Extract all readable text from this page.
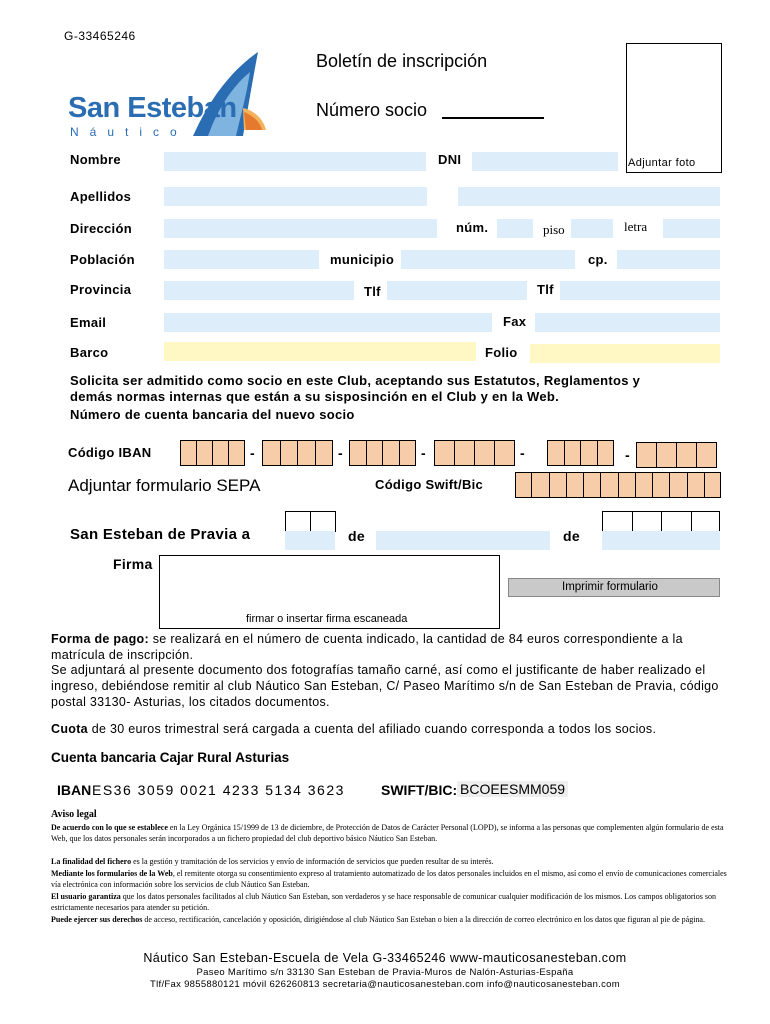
G-33465246
San Esteban
Náutico
Boletín de inscripción
Número socio
Adjuntar foto
Nombre	DNI
Apellidos
Dirección	núm.	piso	letra
Población	municipio	cp.
Provincia	Tlf	Tlf
Email	Fax
Barco	Folio
Solicita ser admitido como socio en este Club, aceptando sus Estatutos, Reglamentos y
demás normas internas que están a su sisposinción en el Club y en la Web.
Número de cuenta bancaria del nuevo socio
Código IBAN	-	-	-	-	-
Adjuntar formulario SEPA	Código Swift/Bic
San Esteban de Pravia a	de	de
Firma
firmar o insertar firma escaneada
Imprimir formulario
Forma de pago: se realizará en el número de cuenta indicado, la cantidad de 84 euros correspondiente a la matrícula de inscripción.
Se adjuntará al presente documento dos fotografías tamaño carné, así como el justificante de haber realizado el ingreso, debiéndose remitir al club Náutico San Esteban, C/ Paseo Marítimo s/n de San Esteban de Pravia, código postal 33130- Asturias, los citados documentos.
Cuota de 30 euros trimestral será cargada a cuenta del afiliado cuando corresponda a todos los socios.
Cuenta bancaria Cajar Rural Asturias
IBAN ES36 3059 0021 4233 5134 3623	SWIFT/BIC: BCOEESMM059
Aviso legal
De acuerdo con lo que se establece en la Ley Orgánica 15/1999 de 13 de diciembre, de Protección de Datos de Carácter Personal (LOPD), se informa a las personas que complementen algún formulario de esta Web, que los datos personales serán incorporados a un fichero propiedad del club deportivo básico Náutico San Esteban.
La finalidad del fichero es la gestión y tramitación de los servicios y envío de información de servicios que pueden resultar de su interés.
Mediante los formularios de la Web, el remitente otorga su consentimiento expreso al tratamiento automatizado de los datos personales incluidos en el mismo, así como el envío de comunicaciones comerciales vía electrónica con información sobre los servicios de club Náutico San Esteban.
El usuario garantiza que los datos personales facilitados al club Náutico San Esteban, son verdaderos y se hace responsable de comunicar cualquier modificación de los mismos. Los campos obligatorios son estrictamente necesarios para atender su petición.
Puede ejercer sus derechos de acceso, rectificación, cancelación y oposición, dirigiéndose al club Náutico San Esteban o bien a la dirección de correo electrónico en los datos que figuran al pie de página.
Náutico San Esteban-Escuela de Vela G-33465246 www-mauticosanesteban.com
Paseo Marítimo s/n 33130 San Esteban de Pravia-Muros de Nalón-Asturias-España
Tlf/Fax 9855880121 móvil 626260813 secretaria@nauticosanesteban.com info@nauticosanesteban.com
